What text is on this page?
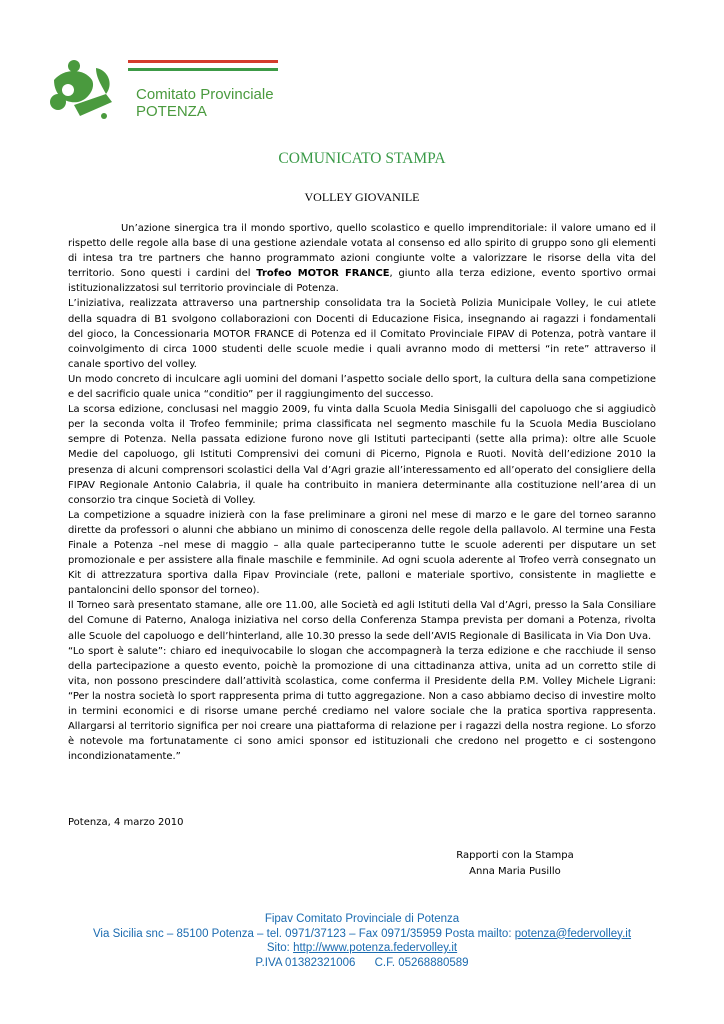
Comitato Provinciale
POTENZA
COMUNICATO STAMPA
VOLLEY GIOVANILE

Un’azione sinergica tra il mondo sportivo, quello scolastico e quello imprenditoriale: il valore umano ed il rispetto delle regole alla base di una gestione aziendale votata al consenso ed allo spirito di gruppo sono gli elementi di intesa tra tre partners che hanno programmato azioni congiunte volte a valorizzare le risorse della vita del territorio. Sono questi i cardini del Trofeo MOTOR FRANCE, giunto alla terza edizione, evento sportivo ormai istituzionalizzatosi sul territorio provinciale di Potenza.

L’iniziativa, realizzata attraverso una partnership consolidata tra la Società Polizia Municipale Volley, le cui atlete della squadra di B1 svolgono collaborazioni con Docenti di Educazione Fisica, insegnando ai ragazzi i fondamentali del gioco, la Concessionaria MOTOR FRANCE di Potenza ed il Comitato Provinciale FIPAV di Potenza, potrà vantare il coinvolgimento di circa 1000 studenti delle scuole medie i quali avranno modo di mettersi “in rete” attraverso il canale sportivo del volley.

Un modo concreto di inculcare agli uomini del domani l’aspetto sociale dello sport, la cultura della sana competizione e del sacrificio quale unica “conditio” per il raggiungimento del successo.

La scorsa edizione, conclusasi nel maggio 2009, fu vinta dalla Scuola Media Sinisgalli del capoluogo che si aggiudicò per la seconda volta il Trofeo femminile; prima classificata nel segmento maschile fu la Scuola Media Busciolano sempre di Potenza. Nella passata edizione furono nove gli Istituti partecipanti (sette alla prima): oltre alle Scuole Medie del capoluogo, gli Istituti Comprensivi dei comuni di Picerno, Pignola e Ruoti. Novità dell’edizione 2010 la presenza di alcuni comprensori scolastici della Val d’Agri grazie all’interessamento ed all’operato del consigliere della FIPAV Regionale Antonio Calabria, il quale ha contribuito in maniera determinante alla costituzione nell’area di un consorzio tra cinque Società di Volley.

La competizione a squadre inizierà con la fase preliminare a gironi nel mese di marzo e le gare del torneo saranno dirette da professori o alunni che abbiano un minimo di conoscenza delle regole della pallavolo. Al termine una Festa Finale a Potenza –nel mese di maggio – alla quale parteciperanno tutte le scuole aderenti per disputare un set promozionale e per assistere alla finale maschile e femminile. Ad ogni scuola aderente al Trofeo verrà consegnato un Kit di attrezzatura sportiva dalla Fipav Provinciale (rete, palloni e materiale sportivo, consistente in magliette e pantaloncini dello sponsor del torneo).

Il Torneo sarà presentato stamane, alle ore 11.00, alle Società ed agli Istituti della Val d’Agri, presso la Sala Consiliare del Comune di Paterno, Analoga iniziativa nel corso della Conferenza Stampa prevista per domani a Potenza, rivolta alle Scuole del capoluogo e dell’hinterland, alle 10.30 presso la sede dell’AVIS Regionale di Basilicata in Via Don Uva.

“Lo sport è salute”: chiaro ed inequivocabile lo slogan che accompagnerà la terza edizione e che racchiude il senso della partecipazione a questo evento, poichè la promozione di una cittadinanza attiva, unita ad un corretto stile di vita, non possono prescindere dall’attività scolastica, come conferma il Presidente della P.M. Volley Michele Ligrani: “Per la nostra società lo sport rappresenta prima di tutto aggregazione. Non a caso abbiamo deciso di investire molto in termini economici e di risorse umane perché crediamo nel valore sociale che la pratica sportiva rappresenta. Allargarsi al territorio significa per noi creare una piattaforma di relazione per i ragazzi della nostra regione. Lo sforzo è notevole ma fortunatamente ci sono amici sponsor ed istituzionali che credono nel progetto e ci sostengono incondizionatamente.”

Potenza, 4 marzo 2010
Rapporti con la Stampa
Anna Maria Pusillo
Fipav Comitato Provinciale di Potenza
Via Sicilia snc – 85100 Potenza – tel. 0971/37123 – Fax 0971/35959 Posta mailto: potenza@federvolley.it
Sito: http://www.potenza.federvolley.it
P.IVA 01382321006      C.F. 05268880589
